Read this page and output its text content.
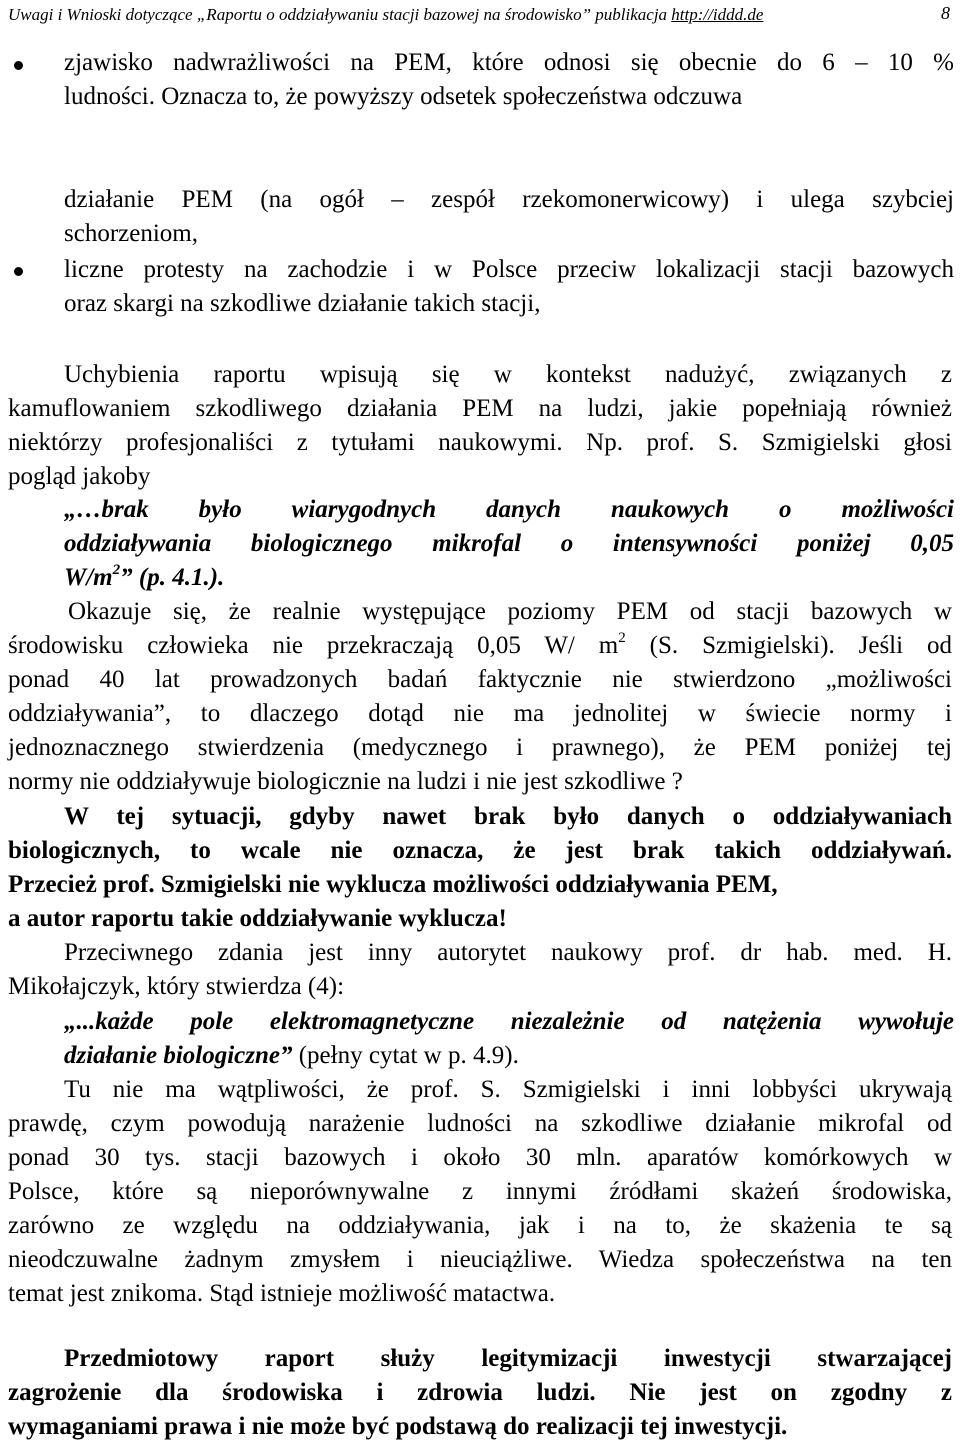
Uwagi i Wnioski dotyczące „Raportu o oddziaływaniu stacji bazowej na środowisko” publikacja http://iddd.de	8
zjawisko nadwrażliwości na PEM, które odnosi się obecnie do 6 – 10 %
ludności. Oznacza to, że powyższy odsetek społeczeństwa odczuwa
działanie PEM (na ogół – zespół rzekomonerwicowy) i ulega szybciej
schorzeniom,
liczne protesty na zachodzie i w Polsce przeciw lokalizacji stacji bazowych
oraz skargi na szkodliwe działanie takich stacji,
Uchybienia raportu wpisują się w kontekst nadużyć, związanych z
kamuflowaniem szkodliwego działania PEM na ludzi, jakie popełniają również
niektórzy profesjonaliści z tytułami naukowymi. Np. prof. S. Szmigielski głosi
pogląd jakoby
„…brak było wiarygodnych danych naukowych o możliwości
oddziaływania biologicznego mikrofal o intensywności poniżej 0,05
$W/m^2$” (p. 4.1.).
Okazuje się, że realnie występujące poziomy PEM od stacji bazowych w
środowisku człowieka nie przekraczają 0,05 W/ $m^2$ (S. Szmigielski). Jeśli od
ponad 40 lat prowadzonych badań faktycznie nie stwierdzono „możliwości
oddziaływania”, to dlaczego dotąd nie ma jednolitej w świecie normy i
jednoznacznego stwierdzenia (medycznego i prawnego), że PEM poniżej tej
normy nie oddziaływuje biologicznie na ludzi i nie jest szkodliwe ?
W tej sytuacji, gdyby nawet brak było danych o oddziaływaniach
biologicznych, to wcale nie oznacza, że jest brak takich oddziaływań.
Przecież prof. Szmigielski nie wyklucza możliwości oddziaływania PEM,
a autor raportu takie oddziaływanie wyklucza!
Przeciwnego zdania jest inny autorytet naukowy prof. dr hab. med. H.
Mikołajczyk, który stwierdza (4):
„...każde pole elektromagnetyczne niezależnie od natężenia wywołuje
działanie biologiczne” (pełny cytat w p. 4.9).
Tu nie ma wątpliwości, że prof. S. Szmigielski i inni lobbyści ukrywają
prawdę, czym powodują narażenie ludności na szkodliwe działanie mikrofal od
ponad 30 tys. stacji bazowych i około 30 mln. aparatów komórkowych w
Polsce, które są nieporównywalne z innymi źródłami skażeń środowiska,
zarówno ze względu na oddziaływania, jak i na to, że skażenia te są
nieodczuwalne żadnym zmysłem i nieuciążliwe. Wiedza społeczeństwa na ten
temat jest znikoma. Stąd istnieje możliwość matactwa.
Przedmiotowy raport służy legitymizacji inwestycji stwarzającej
zagrożenie dla środowiska i zdrowia ludzi. Nie jest on zgodny z
wymaganiami prawa i nie może być podstawą do realizacji tej inwestycji.
